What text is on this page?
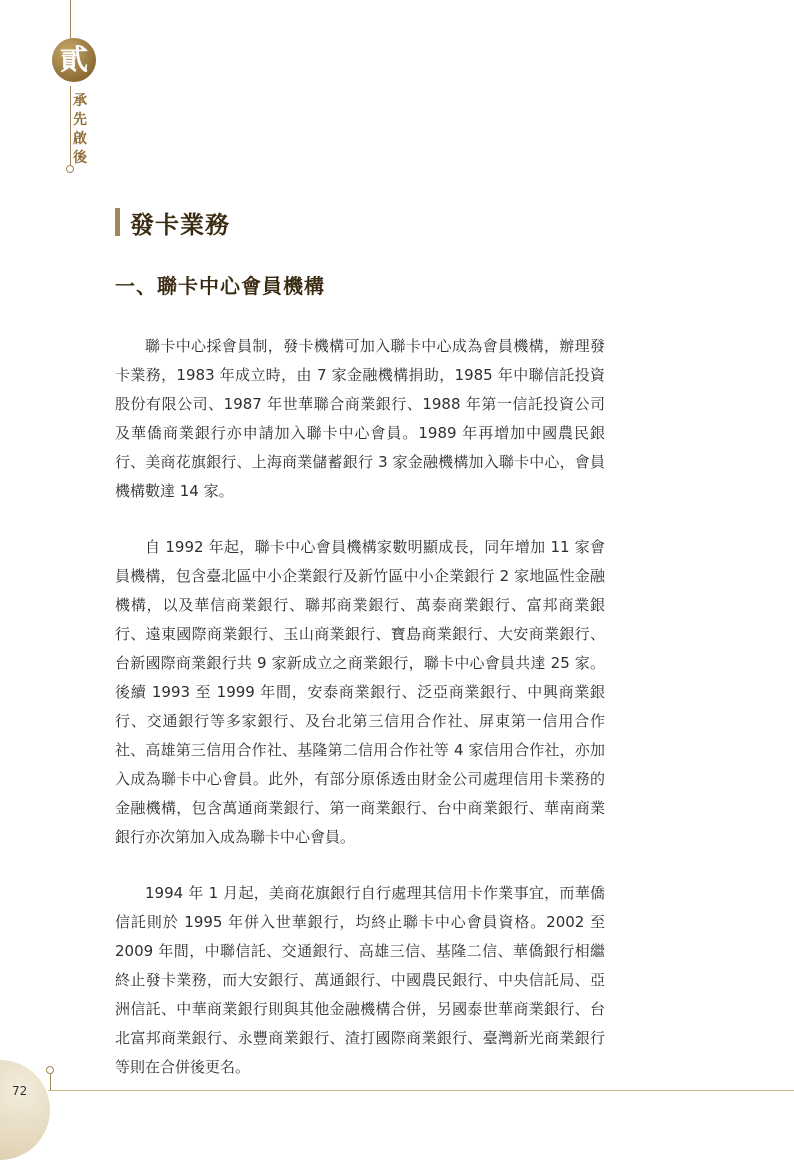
貳
承
先
啟
後
發卡業務
一、聯卡中心會員機構

聯卡中心採會員制，發卡機構可加入聯卡中心成為會員機構，辦理發卡業務，1983 年成立時，由 7 家金融機構捐助，1985 年中聯信託投資股份有限公司、1987 年世華聯合商業銀行、1988 年第一信託投資公司及華僑商業銀行亦申請加入聯卡中心會員。1989 年再增加中國農民銀行、美商花旗銀行、上海商業儲蓄銀行 3 家金融機構加入聯卡中心，會員機構數達 14 家。

自 1992 年起，聯卡中心會員機構家數明顯成長，同年增加 11 家會員機構，包含臺北區中小企業銀行及新竹區中小企業銀行 2 家地區性金融機構，以及華信商業銀行、聯邦商業銀行、萬泰商業銀行、富邦商業銀行、遠東國際商業銀行、玉山商業銀行、寶島商業銀行、大安商業銀行、台新國際商業銀行共 9 家新成立之商業銀行，聯卡中心會員共達 25 家。後續 1993 至 1999 年間，安泰商業銀行、泛亞商業銀行、中興商業銀行、交通銀行等多家銀行、及台北第三信用合作社、屏東第一信用合作社、高雄第三信用合作社、基隆第二信用合作社等 4 家信用合作社，亦加入成為聯卡中心會員。此外，有部分原係透由財金公司處理信用卡業務的金融機構，包含萬通商業銀行、第一商業銀行、台中商業銀行、華南商業銀行亦次第加入成為聯卡中心會員。

1994 年 1 月起，美商花旗銀行自行處理其信用卡作業事宜，而華僑信託則於 1995 年併入世華銀行，均終止聯卡中心會員資格。2002 至 2009 年間，中聯信託、交通銀行、高雄三信、基隆二信、華僑銀行相繼終止發卡業務，而大安銀行、萬通銀行、中國農民銀行、中央信託局、亞洲信託、中華商業銀行則與其他金融機構合併，另國泰世華商業銀行、台北富邦商業銀行、永豐商業銀行、渣打國際商業銀行、臺灣新光商業銀行等則在合併後更名。

72
